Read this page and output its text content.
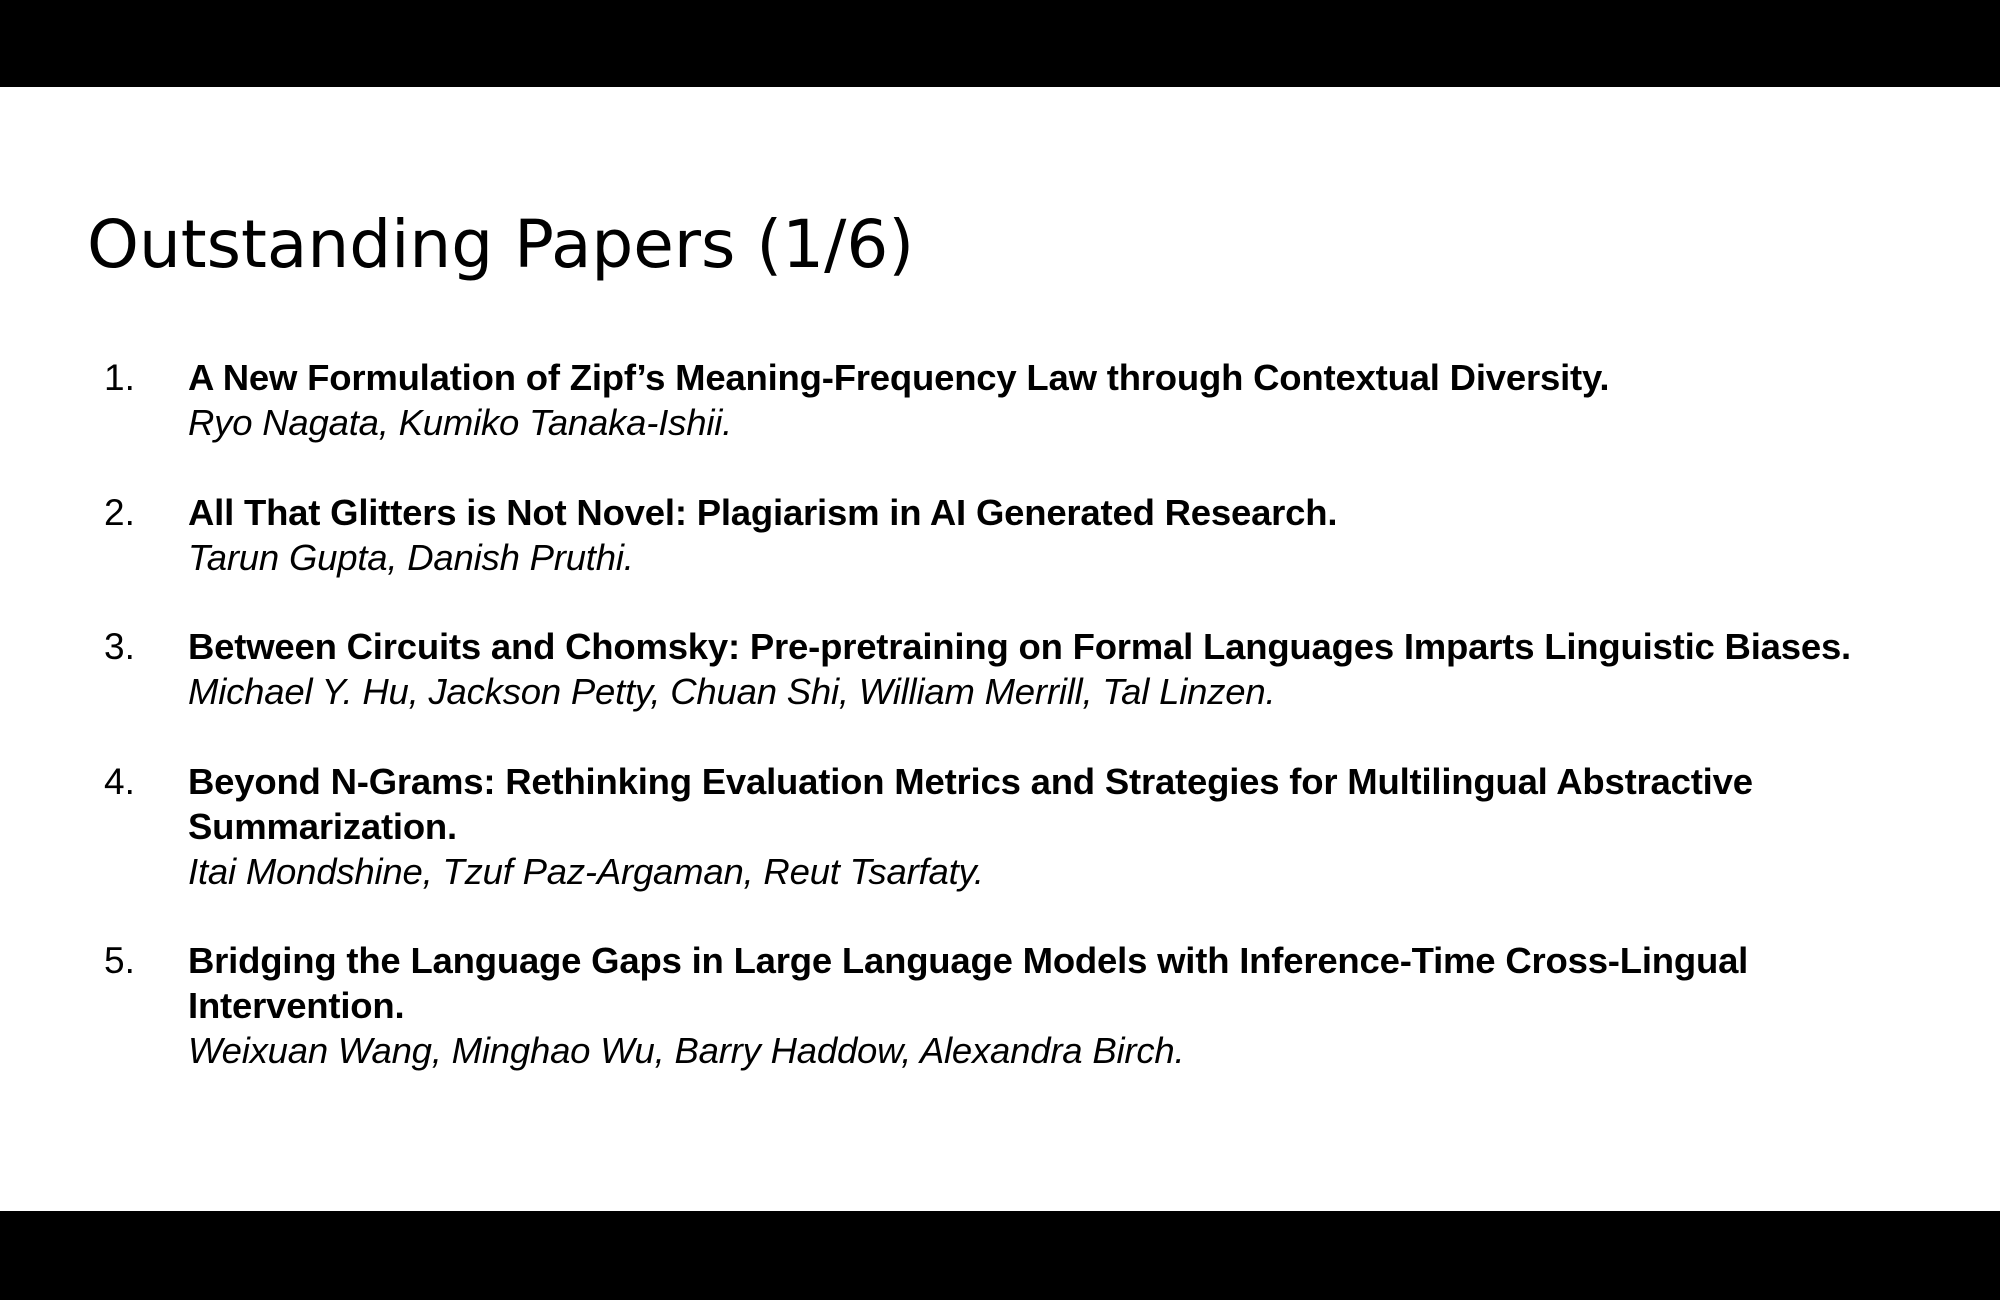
Outstanding Papers (1/6)
1.	A New Formulation of Zipf’s Meaning-Frequency Law through Contextual Diversity.
Ryo Nagata, Kumiko Tanaka-Ishii.
2.	All That Glitters is Not Novel: Plagiarism in AI Generated Research.
Tarun Gupta, Danish Pruthi.
3.	Between Circuits and Chomsky: Pre-pretraining on Formal Languages Imparts Linguistic Biases.
Michael Y. Hu, Jackson Petty, Chuan Shi, William Merrill, Tal Linzen.
4.	Beyond N-Grams: Rethinking Evaluation Metrics and Strategies for Multilingual Abstractive Summarization.
Itai Mondshine, Tzuf Paz-Argaman, Reut Tsarfaty.
5.	Bridging the Language Gaps in Large Language Models with Inference-Time Cross-Lingual Intervention.
Weixuan Wang, Minghao Wu, Barry Haddow, Alexandra Birch.
